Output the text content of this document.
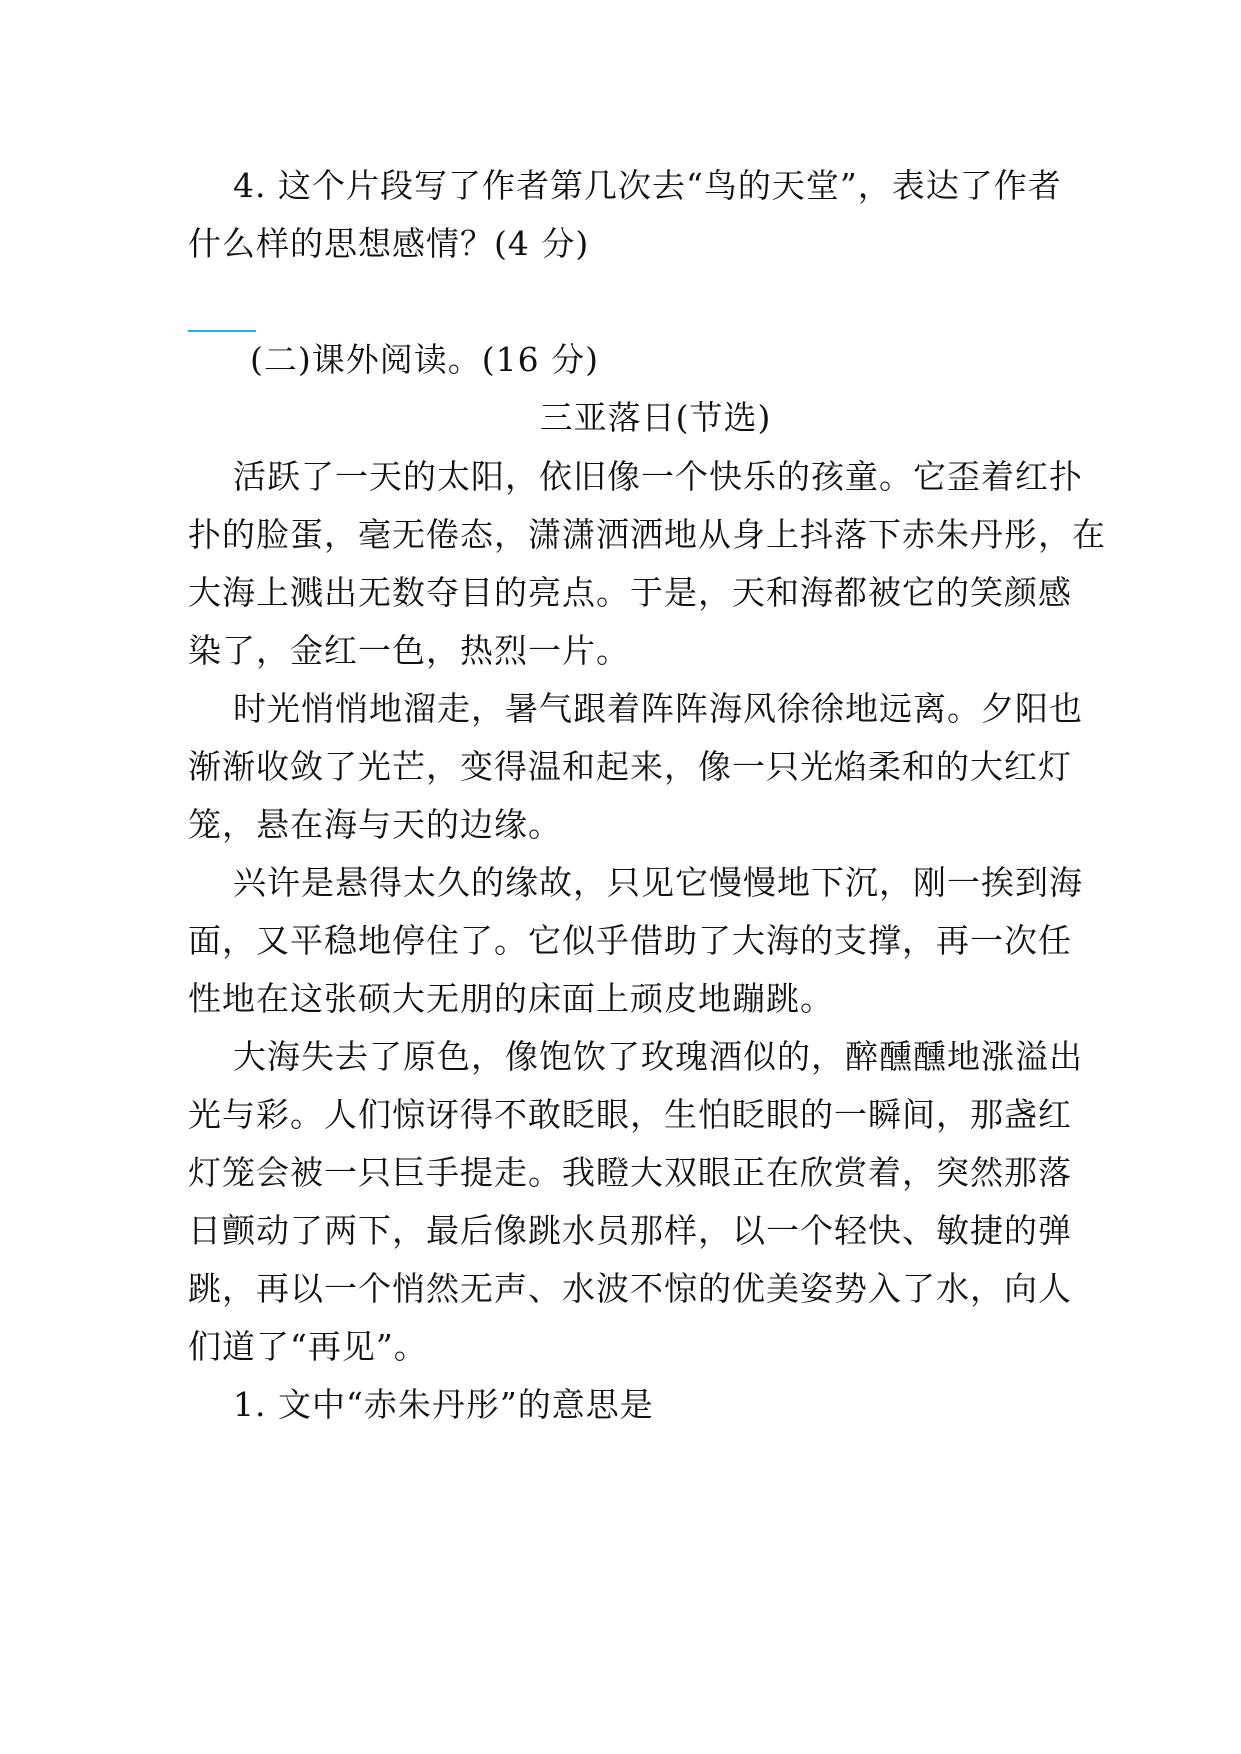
4. 这个片段写了作者第几次去“鸟的天堂”，表达了作者
什么样的思想感情？(4 分)
(二)课外阅读。(16 分)
三亚落日(节选)
活跃了一天的太阳，依旧像一个快乐的孩童。它歪着红扑
扑的脸蛋，毫无倦态，潇潇洒洒地从身上抖落下赤朱丹彤，在
大海上溅出无数夺目的亮点。于是，天和海都被它的笑颜感
染了，金红一色，热烈一片。
时光悄悄地溜走，暑气跟着阵阵海风徐徐地远离。夕阳也
渐渐收敛了光芒，变得温和起来，像一只光焰柔和的大红灯
笼，悬在海与天的边缘。
兴许是悬得太久的缘故，只见它慢慢地下沉，刚一挨到海
面，又平稳地停住了。它似乎借助了大海的支撑，再一次任
性地在这张硕大无朋的床面上顽皮地蹦跳。
大海失去了原色，像饱饮了玫瑰酒似的，醉醺醺地涨溢出
光与彩。人们惊讶得不敢眨眼，生怕眨眼的一瞬间，那盏红
灯笼会被一只巨手提走。我瞪大双眼正在欣赏着，突然那落
日颤动了两下，最后像跳水员那样，以一个轻快、敏捷的弹
跳，再以一个悄然无声、水波不惊的优美姿势入了水，向人
们道了“再见”。
1. 文中“赤朱丹彤”的意思是
